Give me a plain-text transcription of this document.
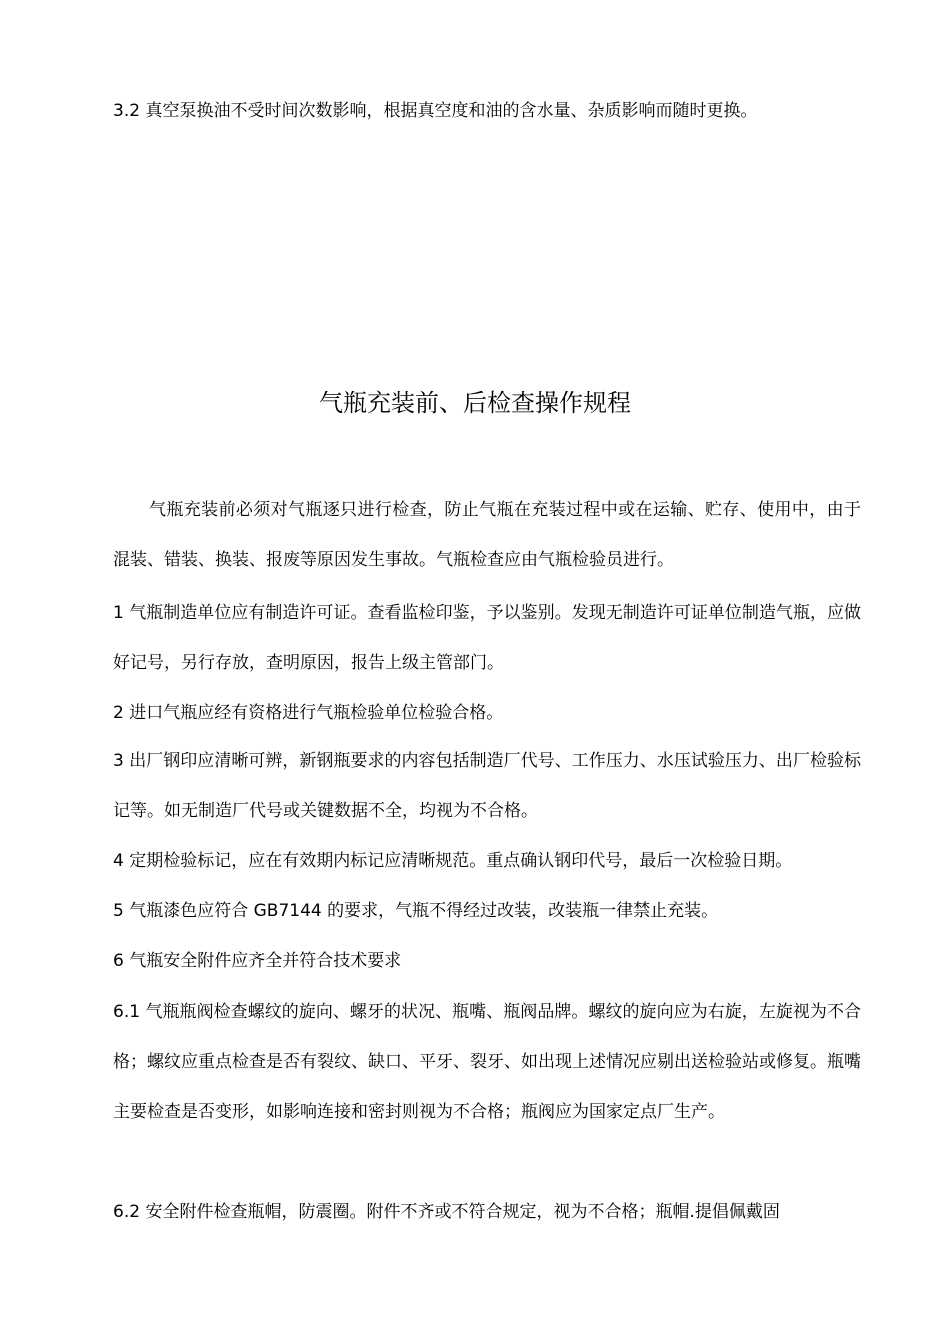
3.2 真空泵换油不受时间次数影响，根据真空度和油的含水量、杂质影响而随时更换。

气瓶充装前、后检查操作规程

气瓶充装前必须对气瓶逐只进行检查，防止气瓶在充装过程中或在运输、贮存、使用中，由于混装、错装、换装、报废等原因发生事故。气瓶检查应由气瓶检验员进行。

1 气瓶制造单位应有制造许可证。查看监检印鉴，予以鉴别。发现无制造许可证单位制造气瓶，应做好记号，另行存放，查明原因，报告上级主管部门。

2 进口气瓶应经有资格进行气瓶检验单位检验合格。

3 出厂钢印应清晰可辨，新钢瓶要求的内容包括制造厂代号、工作压力、水压试验压力、出厂检验标记等。如无制造厂代号或关键数据不全，均视为不合格。

4 定期检验标记，应在有效期内标记应清晰规范。重点确认钢印代号，最后一次检验日期。

5 气瓶漆色应符合 GB7144 的要求，气瓶不得经过改装，改装瓶一律禁止充装。

6 气瓶安全附件应齐全并符合技术要求

6.1 气瓶瓶阀检查螺纹的旋向、螺牙的状况、瓶嘴、瓶阀品牌。螺纹的旋向应为右旋，左旋视为不合格；螺纹应重点检查是否有裂纹、缺口、平牙、裂牙、如出现上述情况应剔出送检验站或修复。瓶嘴主要检查是否变形，如影响连接和密封则视为不合格；瓶阀应为国家定点厂生产。

6.2 安全附件检查瓶帽，防震圈。附件不齐或不符合规定，视为不合格；瓶帽.提倡佩戴固
